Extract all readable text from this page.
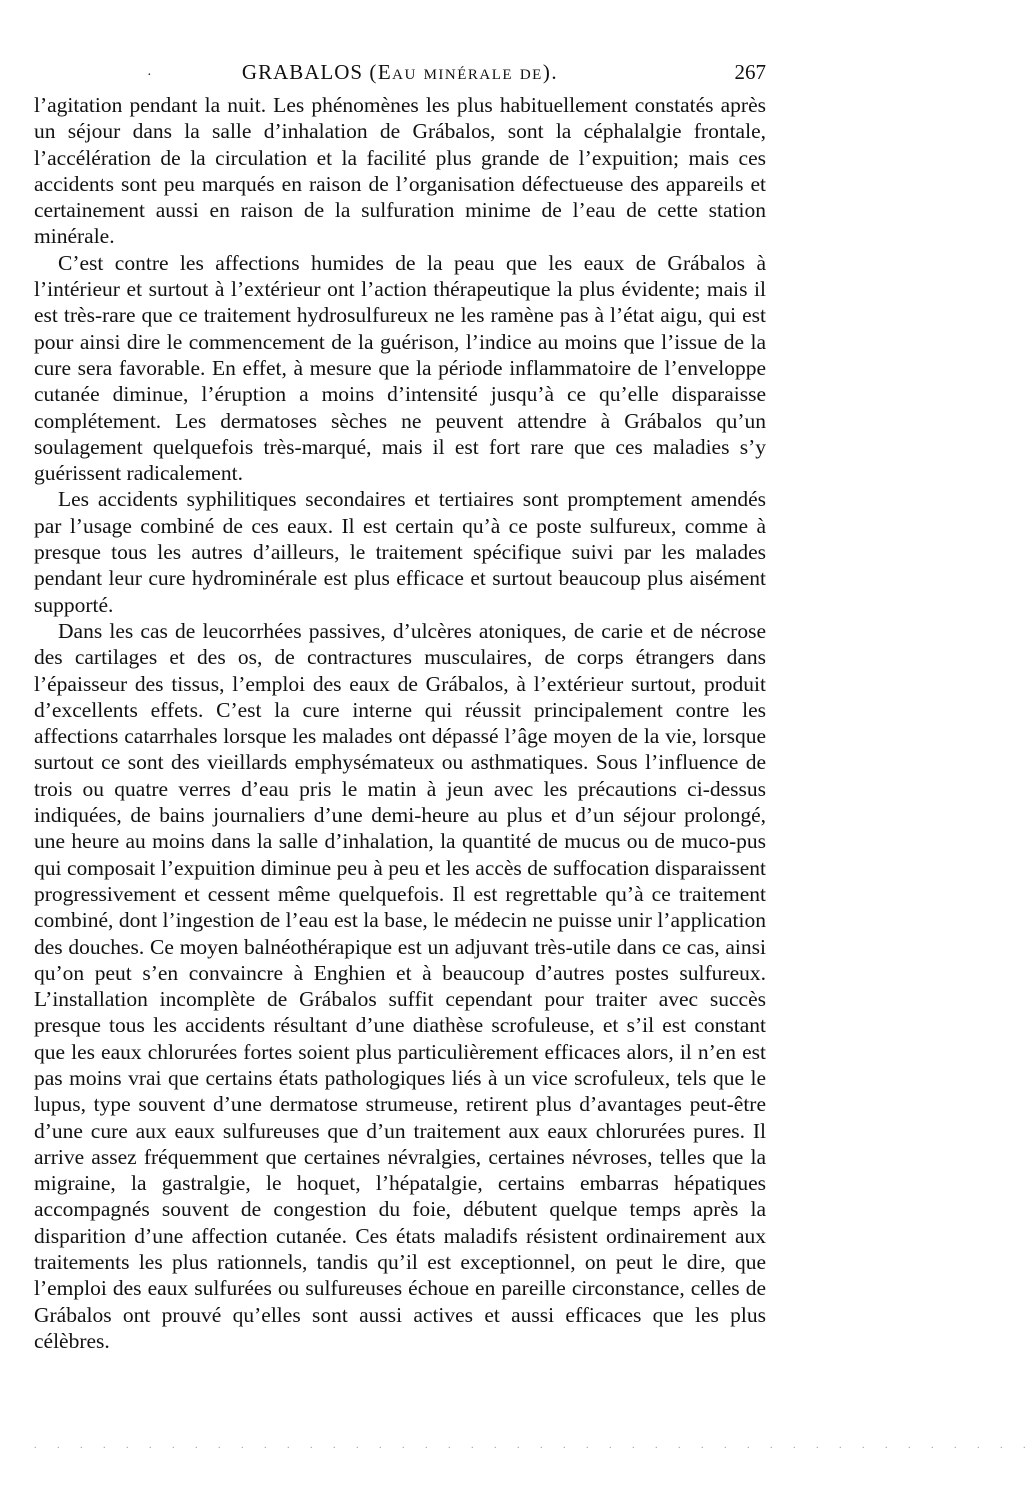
·	GRABALOS (Eau minérale de).	267

l’agitation pendant la nuit. Les phénomènes les plus habituellement constatés après un séjour dans la salle d’inhalation de Grábalos, sont la céphalalgie frontale, l’accélération de la circulation et la facilité plus grande de l’expuition; mais ces accidents sont peu marqués en raison de l’organisation défectueuse des appareils et certainement aussi en raison de la sulfuration minime de l’eau de cette station minérale.

C’est contre les affections humides de la peau que les eaux de Grábalos à l’intérieur et surtout à l’extérieur ont l’action thérapeutique la plus évidente; mais il est très-rare que ce traitement hydrosulfureux ne les ramène pas à l’état aigu, qui est pour ainsi dire le commencement de la guérison, l’indice au moins que l’issue de la cure sera favorable. En effet, à mesure que la période inflammatoire de l’enveloppe cutanée diminue, l’éruption a moins d’intensité jusqu’à ce qu’elle disparaisse complétement. Les dermatoses sèches ne peuvent attendre à Grábalos qu’un soulagement quelquefois très-marqué, mais il est fort rare que ces maladies s’y guérissent radicalement.

Les accidents syphilitiques secondaires et tertiaires sont promptement amendés par l’usage combiné de ces eaux. Il est certain qu’à ce poste sulfureux, comme à presque tous les autres d’ailleurs, le traitement spécifique suivi par les malades pendant leur cure hydrominérale est plus efficace et surtout beaucoup plus aisément supporté.

Dans les cas de leucorrhées passives, d’ulcères atoniques, de carie et de nécrose des cartilages et des os, de contractures musculaires, de corps étrangers dans l’épaisseur des tissus, l’emploi des eaux de Grábalos, à l’extérieur surtout, produit d’excellents effets. C’est la cure interne qui réussit principalement contre les affections catarrhales lorsque les malades ont dépassé l’âge moyen de la vie, lorsque surtout ce sont des vieillards emphysémateux ou asthmatiques. Sous l’influence de trois ou quatre verres d’eau pris le matin à jeun avec les précautions ci-dessus indiquées, de bains journaliers d’une demi-heure au plus et d’un séjour prolongé, une heure au moins dans la salle d’inhalation, la quantité de mucus ou de muco-pus qui composait l’expuition diminue peu à peu et les accès de suffocation disparaissent progressivement et cessent même quelquefois. Il est regrettable qu’à ce traitement combiné, dont l’ingestion de l’eau est la base, le médecin ne puisse unir l’application des douches. Ce moyen balnéothérapique est un adjuvant très-utile dans ce cas, ainsi qu’on peut s’en convaincre à Enghien et à beaucoup d’autres postes sulfureux. L’installation incomplète de Grábalos suffit cependant pour traiter avec succès presque tous les accidents résultant d’une diathèse scrofuleuse, et s’il est constant que les eaux chlorurées fortes soient plus particulièrement efficaces alors, il n’en est pas moins vrai que certains états pathologiques liés à un vice scrofuleux, tels que le lupus, type souvent d’une dermatose strumeuse, retirent plus d’avantages peut-être d’une cure aux eaux sulfureuses que d’un traitement aux eaux chlorurées pures. Il arrive assez fréquemment que certaines névralgies, certaines névroses, telles que la migraine, la gastralgie, le hoquet, l’hépatalgie, certains embarras hépatiques accompagnés souvent de congestion du foie, débutent quelque temps après la disparition d’une affection cutanée. Ces états maladifs résistent ordinairement aux traitements les plus rationnels, tandis qu’il est exceptionnel, on peut le dire, que l’emploi des eaux sulfurées ou sulfureuses échoue en pareille circonstance, celles de Grábalos ont prouvé qu’elles sont aussi actives et aussi efficaces que les plus célèbres.

. . . . . . . . . . . . . . . . . . . . . . . . . . . . . . . . . . . . . . . . . . . .
